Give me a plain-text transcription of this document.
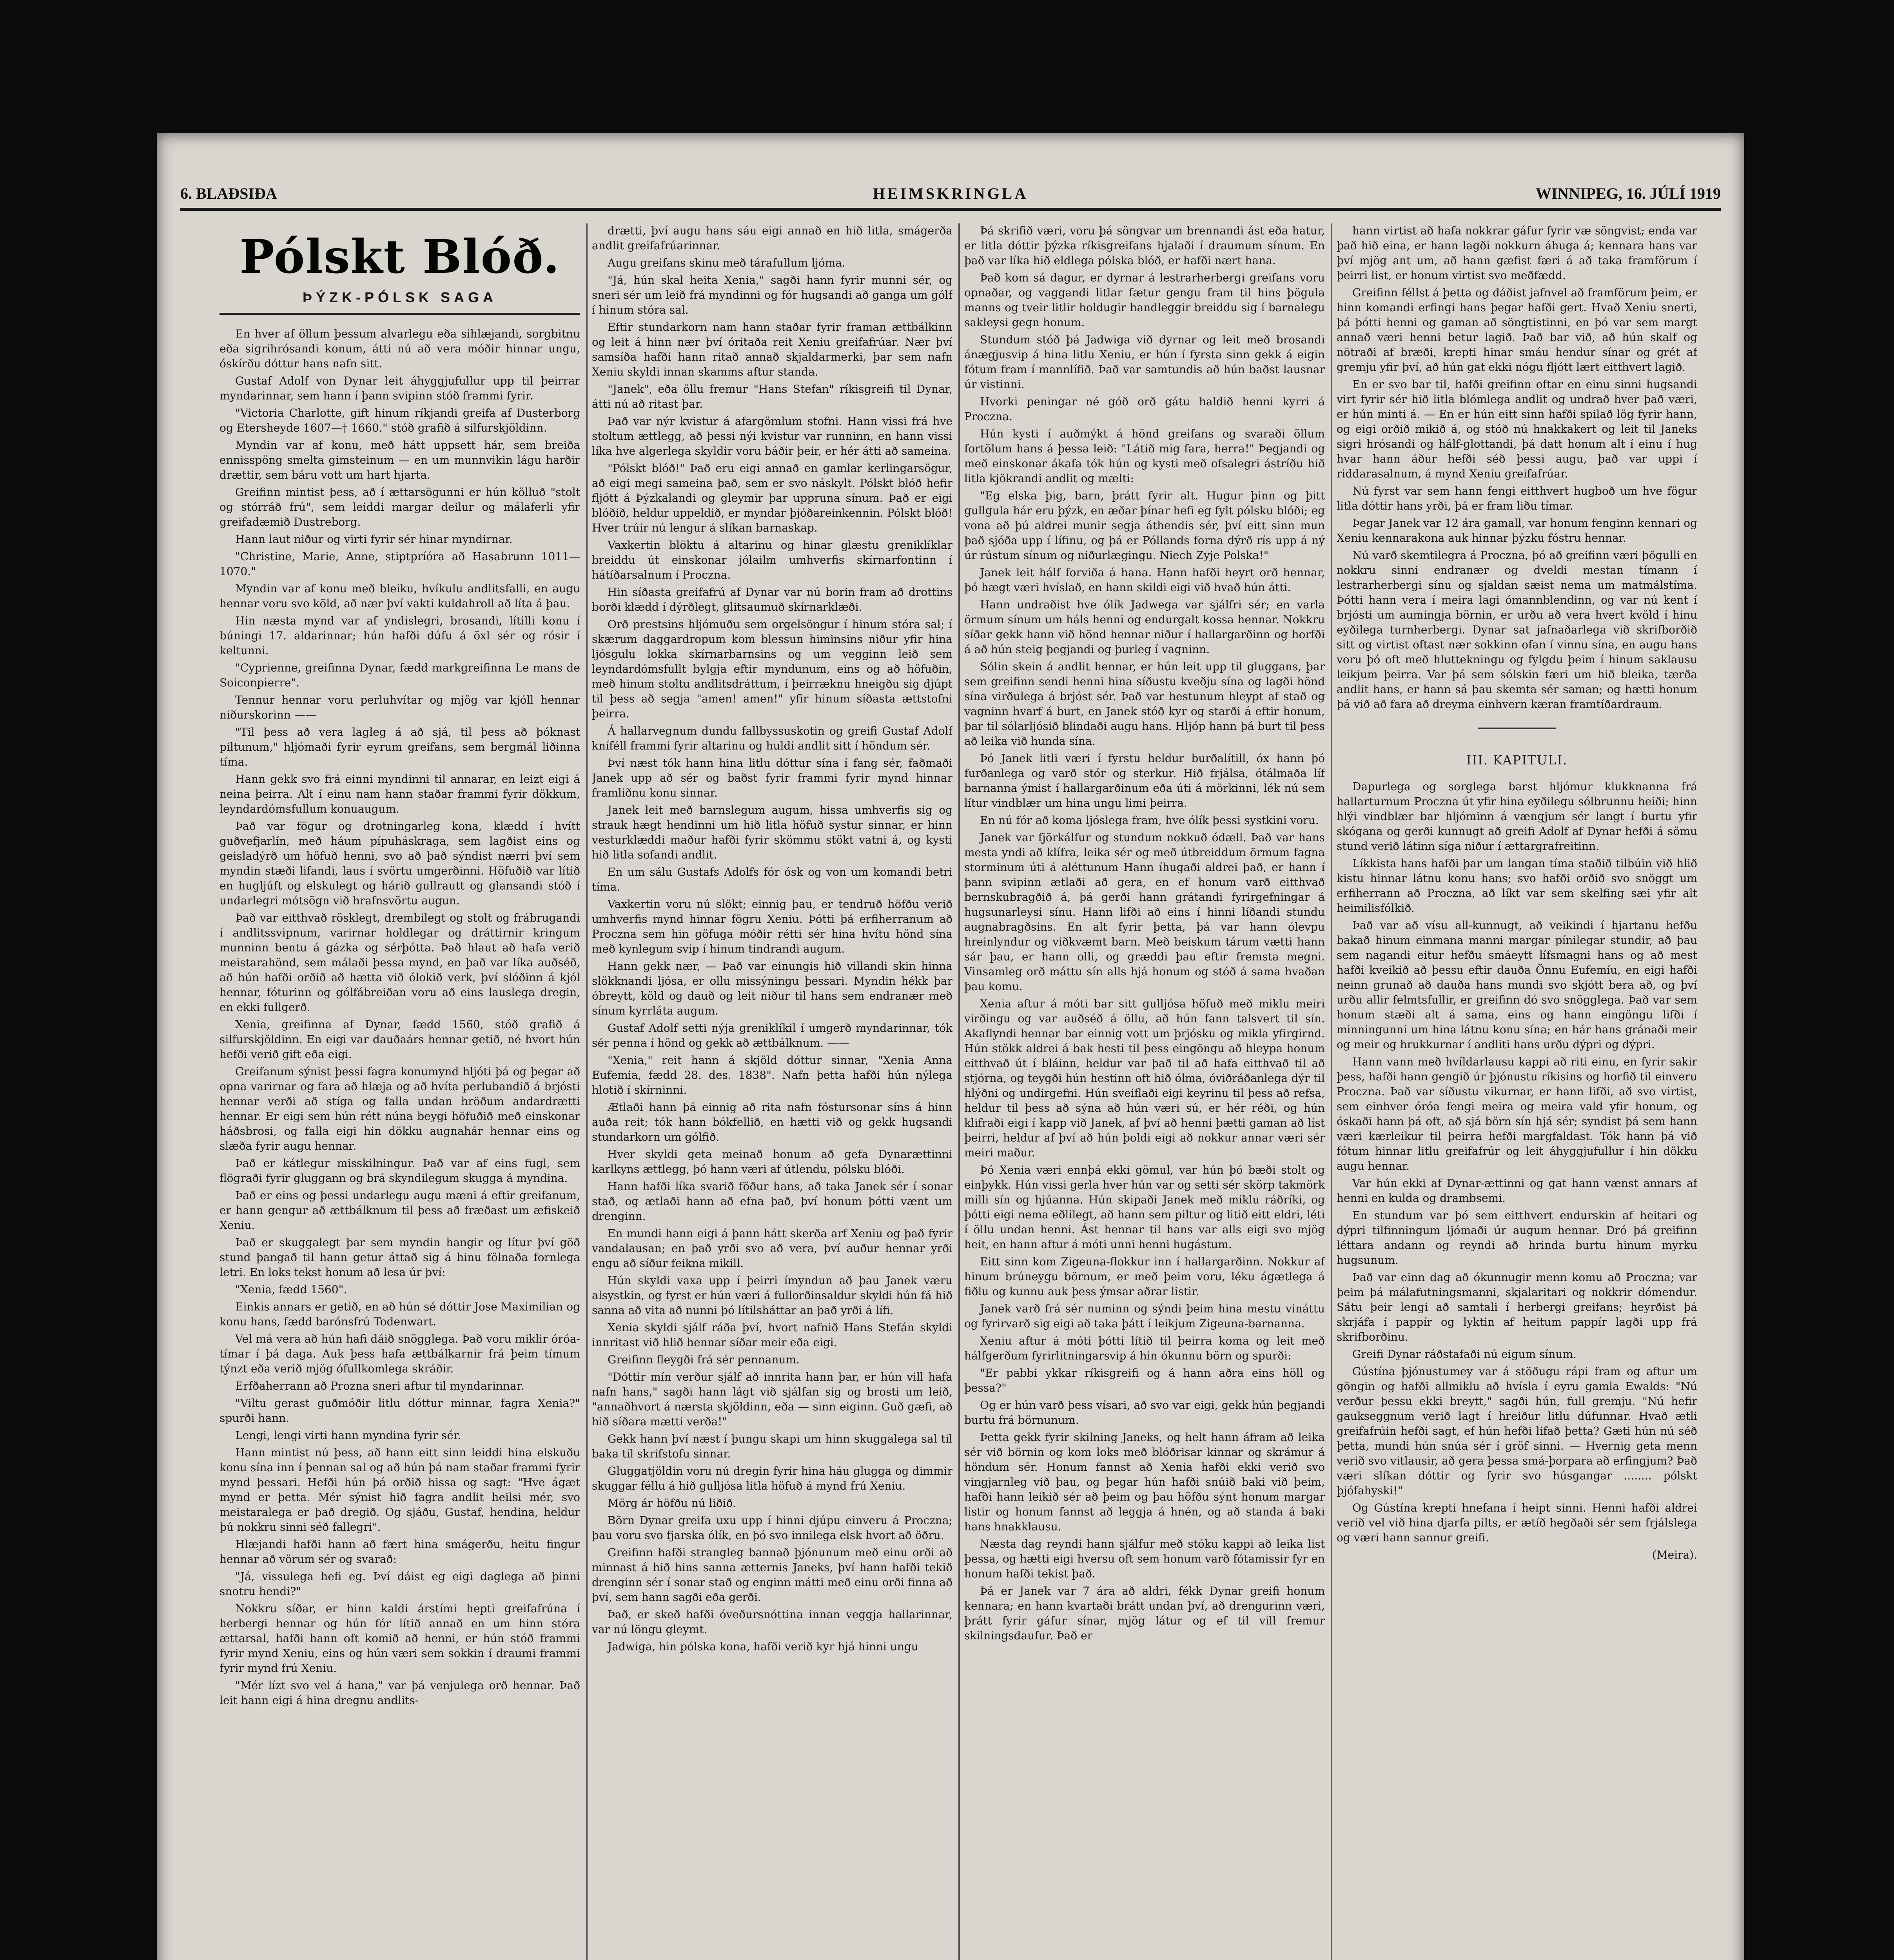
6. BLAÐSIÐA	HEIMSKRINGLA	WINNIPEG, 16. JÚLÍ 1919
Pólskt Blóð.
ÞÝZK-PÓLSK SAGA

En hver af öllum þessum alvarlegu eða sihlæjandi, sorgbitnu eða sigrihrósandi konum, átti nú að vera móðir hinnar ungu, óskírðu dóttur hans nafn sitt.

Gustaf Adolf von Dynar leit áhyggjufullur upp til þeirrar myndarinnar, sem hann í þann svipinn stóð frammi fyrir.

"Victoria Charlotte, gift hinum ríkjandi greifa af Dusterborg og Etersheyde 1607—† 1660." stóð grafið á silfurskjöldinn.

Myndin var af konu, með hátt uppsett hár, sem breiða ennisspöng smelta gimsteinum — en um munnvikin lágu harðir drættir, sem báru vott um hart hjarta.

Greifinn mintist þess, að í ættarsögunni er hún kölluð "stolt og stórráð frú", sem leiddi margar deilur og málaferli yfir greifadæmið Dustreborg.

Hann laut niður og virti fyrir sér hinar myndirnar.

"Christine, Marie, Anne, stiptpríóra að Hasabrunn 1011—1070."

Myndin var af konu með bleiku, hvíkulu andlitsfalli, en augu hennar voru svo köld, að nær því vakti kuldahroll að líta á þau.

Hin næsta mynd var af yndislegri, brosandi, lítilli konu í búningi 17. aldarinnar; hún hafði dúfu á öxl sér og rósir í keltunni.

"Cyprienne, greifinna Dynar, fædd markgreifinna Le mans de Soiconpierre".

Tennur hennar voru perluhvítar og mjög var kjóll hennar niðurskorinn ——

"Til þess að vera lagleg á að sjá, til þess að þóknast piltunum," hljómaði fyrir eyrum greifans, sem bergmál liðinna tíma.

Hann gekk svo frá einni myndinni til annarar, en leizt eigi á neina þeirra. Alt í einu nam hann staðar frammi fyrir dökkum, leyndardómsfullum konuaugum.

Það var fögur og drotningarleg kona, klædd í hvítt guðvefjarlín, með háum pípuháskraga, sem lagðist eins og geisladýrð um höfuð henni, svo að það sýndist nærri því sem myndin stæði lifandi, laus í svörtu umgerðinni. Höfuðið var lítið en hugljúft og elskulegt og hárið gullrautt og glansandi stóð í undarlegri mótsögn við hrafnsvörtu augun.

Það var eitthvað rösklegt, drembilegt og stolt og frábrugandi í andlitssvipnum, varirnar holdlegar og dráttirnir kringum munninn bentu á gázka og sérþótta. Það hlaut að hafa verið meistarahönd, sem málaði þessa mynd, en það var líka auðséð, að hún hafði orðið að hætta við ólokið verk, því slóðinn á kjól hennar, fóturinn og gólfábreiðan voru að eins lauslega dregin, en ekki fullgerð.

Xenia, greifinna af Dynar, fædd 1560, stóð grafið á silfurskjöldinn. En eigi var dauðaárs hennar getið, né hvort hún hefði verið gift eða eigi.

Greifanum sýnist þessi fagra konumynd hljóti þá og þegar að opna varirnar og fara að hlæja og að hvíta perlubandið á brjósti hennar verði að stíga og falla undan hröðum andardrætti hennar. Er eigi sem hún rétt núna beygi höfuðið með einskonar háðsbrosi, og falla eigi hin dökku augnahár hennar eins og slæða fyrir augu hennar.

Það er kátlegur misskilningur. Það var af eins fugl, sem flögraði fyrir gluggann og brá skyndilegum skugga á myndina.

Það er eins og þessi undarlegu augu mæni á eftir greifanum, er hann gengur að ættbálknum til þess að fræðast um æfiskeið Xeniu.

Það er skuggalegt þar sem myndin hangir og lítur því göð stund þangað til hann getur áttað sig á hinu fölnaða fornlega letri. En loks tekst honum að lesa úr því:

"Xenia, fædd 1560".

Einkis annars er getið, en að hún sé dóttir Jose Maximilian og konu hans, fædd barónsfrú Todenwart.

Vel má vera að hún hafi dáið snögglega. Það voru miklir óróa-tímar í þá daga. Auk þess hafa ættbálkarnir frá þeim tímum týnzt eða verið mjög ófullkomlega skráðir.

Erfðaherrann að Prozna sneri aftur til myndarinnar.

"Viltu gerast guðmóðir litlu dóttur minnar, fagra Xenia?" spurði hann.

Lengi, lengi virti hann myndina fyrir sér.

Hann mintist nú þess, að hann eitt sinn leiddi hina elskuðu konu sína inn í þennan sal og að hún þá nam staðar frammi fyrir mynd þessari. Hefði hún þá orðið hissa og sagt: "Hve ágæt mynd er þetta. Mér sýnist hið fagra andlit heilsi mér, svo meistaralega er það dregið. Og sjáðu, Gustaf, hendina, heldur þú nokkru sinni séð fallegri".

Hlæjandi hafði hann að fært hina smágerðu, heitu fingur hennar að vörum sér og svarað:

"Já, vissulega hefi eg. Því dáist eg eigi daglega að þinni snotru hendi?"

Nokkru síðar, er hinn kaldi árstími hepti greifafrúna í herbergi hennar og hún fór lítið annað en um hinn stóra ættarsal, hafði hann oft komið að henni, er hún stóð frammi fyrir mynd Xeniu, eins og hún væri sem sokkin í draumi frammi fyrir mynd frú Xeniu.

"Mér lízt svo vel á hana," var þá venjulega orð hennar. Það leit hann eigi á hina dregnu andlits-

drætti, því augu hans sáu eigi annað en hið litla, smágerða andlit greifafrúarinnar.

Augu greifans skinu með tárafullum ljóma.

"Já, hún skal heita Xenia," sagði hann fyrir munni sér, og sneri sér um leið frá myndinni og fór hugsandi að ganga um gólf í hinum stóra sal.

Eftir stundarkorn nam hann staðar fyrir framan ættbálkinn og leit á hinn nær því óritaða reit Xeniu greifafrúar. Nær því samsíða hafði hann ritað annað skjaldarmerki, þar sem nafn Xeniu skyldi innan skamms aftur standa.

"Janek", eða öllu fremur "Hans Stefan" ríkisgreifi til Dynar, átti nú að ritast þar.

Það var nýr kvistur á afargömlum stofni. Hann vissi frá hve stoltum ættlegg, að þessi nýi kvistur var runninn, en hann vissi líka hve algerlega skyldir voru báðir þeir, er hér átti að sameina.

"Pólskt blóð!" Það eru eigi annað en gamlar kerlingarsögur, að eigi megi sameina það, sem er svo náskylt. Pólskt blóð hefir fljótt á Þýzkalandi og gleymir þar uppruna sínum. Það er eigi blóðið, heldur uppeldið, er myndar þjóðareinkennin. Pólskt blóð! Hver trúir nú lengur á slíkan barnaskap.

Vaxkertin blöktu á altarinu og hinar glæstu greniklíklar breiddu út einskonar jólailm umhverfis skírnarfontinn í hátíðarsalnum í Proczna.

Hin síðasta greifafrú af Dynar var nú borin fram að drottins borði klædd í dýrðlegt, glitsaumuð skírnarklæði.

Orð prestsins hljómuðu sem orgelsöngur í hinum stóra sal; í skærum daggardropum kom blessun himinsins niður yfir hina ljósgulu lokka skírnarbarnsins og um vegginn leið sem leyndardómsfullt bylgja eftir myndunum, eins og að höfuðin, með hinum stoltu andlitsdráttum, í þeirræknu hneigðu sig djúpt til þess að segja "amen! amen!" yfir hinum síðasta ættstofni þeirra.

Á hallarvegnum dundu fallbyssuskotin og greifi Gustaf Adolf kníféll frammi fyrir altarinu og huldi andlit sitt í höndum sér.

Því næst tók hann hina litlu dóttur sína í fang sér, faðmaði Janek upp að sér og baðst fyrir frammi fyrir mynd hinnar framliðnu konu sinnar.

Janek leit með barnslegum augum, hissa umhverfis sig og strauk hægt hendinni um hið litla höfuð systur sinnar, er hinn vesturklæddi maður hafði fyrir skömmu stökt vatni á, og kysti hið litla sofandi andlit.

En um sálu Gustafs Adolfs fór ósk og von um komandi betri tíma.

Vaxkertin voru nú slökt; einnig þau, er tendruð höfðu verið umhverfis mynd hinnar fögru Xeniu. Þótti þá erfiherranum að Proczna sem hin göfuga móðir rétti sér hina hvítu hönd sína með kynlegum svip í hinum tindrandi augum.

Hann gekk nær, — Það var einungis hið villandi skin hinna slökknandi ljósa, er ollu missýningu þessari. Myndin hékk þar óbreytt, köld og dauð og leit niður til hans sem endranær með sínum kyrrláta augum.

Gustaf Adolf setti nýja greniklíkil í umgerð myndarinnar, tók sér penna í hönd og gekk að ættbálknum. ——

"Xenia," reit hann á skjöld dóttur sinnar, "Xenia Anna Eufemia, fædd 28. des. 1838". Nafn þetta hafði hún nýlega hlotið í skírninni.

Ætlaði hann þá einnig að rita nafn fóstursonar síns á hinn auða reit; tók hann bókfellið, en hætti við og gekk hugsandi stundarkorn um gólfið.

Hver skyldi geta meinað honum að gefa Dynarættinni karlkyns ættlegg, þó hann væri af útlendu, pólsku blóði.

Hann hafði líka svarið föður hans, að taka Janek sér í sonar stað, og ætlaði hann að efna það, því honum þótti vænt um drenginn.

En mundi hann eigi á þann hátt skerða arf Xeniu og það fyrir vandalausan; en það yrði svo að vera, því auður hennar yrði engu að síður feikna mikill.

Hún skyldi vaxa upp í þeirri ímyndun að þau Janek væru alsystkin, og fyrst er hún væri á fullorðinsaldur skyldi hún fá hið sanna að vita að nunni þó lítilsháttar an það yrði á lífi.

Xenia skyldi sjálf ráða því, hvort nafnið Hans Stefán skyldi innritast við hlið hennar síðar meir eða eigi.

Greifinn fleygði frá sér pennanum.

"Dóttir mín verður sjálf að innrita hann þar, er hún vill hafa nafn hans," sagði hann lágt við sjálfan sig og brosti um leið, "annaðhvort á nærsta skjöldinn, eða — sinn eiginn. Guð gæfi, að hið síðara mætti verða!"

Gekk hann því næst í þungu skapi um hinn skuggalega sal til baka til skrifstofu sinnar.

Gluggatjöldin voru nú dregin fyrir hina háu glugga og dimmir skuggar féllu á hið gulljósa litla höfuð á mynd frú Xeniu.

Mörg ár höfðu nú liðið.

Börn Dynar greifa uxu upp í hinni djúpu einveru á Proczna; þau voru svo fjarska ólík, en þó svo innilega elsk hvort að öðru.

Greifinn hafði strangleg bannað þjónunum með einu orði að minnast á hið hins sanna ætternis Janeks, því hann hafði tekið drenginn sér í sonar stað og enginn mátti með einu orði finna að því, sem hann sagði eða gerði.

Það, er skeð hafði óveðursnóttina innan veggja hallarinnar, var nú löngu gleymt.

Jadwiga, hin pólska kona, hafði verið kyr hjá hinni ungu

Þá skrifið væri, voru þá söngvar um brennandi ást eða hatur, er litla dóttir þýzka ríkisgreifans hjalaði í draumum sínum. En það var líka hið eldlega pólska blóð, er hafði nært hana.

Það kom sá dagur, er dyrnar á lestrarherbergi greifans voru opnaðar, og vaggandi litlar fætur gengu fram til hins þögula manns og tveir litlir holdugir handleggir breiddu sig í barnalegu sakleysi gegn honum.

Stundum stóð þá Jadwiga við dyrnar og leit með brosandi ánægjusvip á hina litlu Xeniu, er hún í fyrsta sinn gekk á eigin fótum fram í mannlífið. Það var samtundis að hún baðst lausnar úr vistinni.

Hvorki peningar né góð orð gátu haldið henni kyrri á Proczna.

Hún kysti í auðmýkt á hönd greifans og svaraði öllum fortölum hans á þessa leið: "Látið mig fara, herra!" Þegjandi og með einskonar ákafa tók hún og kysti með ofsalegri ástríðu hið litla kjökrandi andlit og mælti:

"Eg elska þig, barn, þrátt fyrir alt. Hugur þinn og þitt gullgula hár eru þýzk, en æðar þínar hefi eg fylt pólsku blóði; eg vona að þú aldrei munir segja áthendis sér, því eitt sinn mun það sjóða upp í lífinu, og þá er Póllands forna dýrð rís upp á ný úr rústum sínum og niðurlægingu. Niech Zyje Polska!"

Janek leit hálf forviða á hana. Hann hafði heyrt orð hennar, þó hægt væri hvíslað, en hann skildi eigi við hvað hún átti.

Hann undraðist hve ólík Jadwega var sjálfri sér; en varla örmum sínum um háls henni og endurgalt kossa hennar. Nokkru síðar gekk hann við hönd hennar niður í hallargarðinn og horfði á að hún steig þegjandi og þurleg í vagninn.

Sólin skein á andlit hennar, er hún leit upp til gluggans, þar sem greifinn sendi henni hina síðustu kveðju sína og lagði hönd sína virðulega á brjóst sér. Það var hestunum hleypt af stað og vagninn hvarf á burt, en Janek stóð kyr og starði á eftir honum, þar til sólarljósið blindaði augu hans. Hljóp hann þá burt til þess að leika við hunda sína.

Þó Janek litli væri í fyrstu heldur burðalítill, óx hann þó furðanlega og varð stór og sterkur. Hið frjálsa, ótálmaða líf barnanna ýmist í hallargarðinum eða úti á mörkinni, lék nú sem lítur vindblær um hina ungu limi þeirra.

En nú fór að koma ljóslega fram, hve ólík þessi systkini voru.

Janek var fjörkálfur og stundum nokkuð ódæll. Það var hans mesta yndi að klífra, leika sér og með útbreiddum örmum fagna storminum úti á aléttunum Hann íhugaði aldrei það, er hann í þann svipinn ætlaði að gera, en ef honum varð eitthvað bernskubragðið á, þá gerði hann grátandi fyrirgefningar á hugsunarleysi sínu. Hann lifði að eins í hinni líðandi stundu augnabragðsins. En alt fyrir þetta, þá var hann ólevpu hreinlyndur og viðkvæmt barn. Með beiskum tárum vætti hann sár þau, er hann olli, og græddi þau eftir fremsta megni. Vinsamleg orð máttu sín alls hjá honum og stóð á sama hvaðan þau komu.

Xenia aftur á móti bar sitt gulljósa höfuð með miklu meiri virðingu og var auðséð á öllu, að hún fann talsvert til sín. Akaflyndi hennar bar einnig vott um þrjósku og mikla yfirgirnd. Hún stökk aldrei á bak hesti til þess eingöngu að hleypa honum eitthvað út í bláinn, heldur var það til að hafa eitthvað til að stjórna, og teygði hún hestinn oft hið ólma, óviðráðanlega dýr til hlýðni og undirgefni. Hún sveiflaði eigi keyrinu til þess að refsa, heldur til þess að sýna að hún væri sú, er hér réði, og hún klifraði eigi í kapp við Janek, af því að henni þætti gaman að líst þeirri, heldur af því að hún þoldi eigi að nokkur annar væri sér meiri maður.

Þó Xenia væri ennþá ekki gömul, var hún þó bæði stolt og einþykk. Hún vissi gerla hver hún var og setti sér skörp takmörk milli sín og hjúanna. Hún skipaði Janek með miklu ráðríki, og þótti eigi nema eðlilegt, að hann sem piltur og litið eitt eldri, léti í öllu undan henni. Ást hennar til hans var alls eigi svo mjög heit, en hann aftur á móti unni henni hugástum.

Eitt sinn kom Zigeuna-flokkur inn í hallargarðinn. Nokkur af hinum brúneygu börnum, er með þeim voru, léku ágætlega á fiðlu og kunnu auk þess ýmsar aðrar listir.

Janek varð frá sér numinn og sýndi þeim hina mestu vináttu og fyrirvarð sig eigi að taka þátt í leikjum Zigeuna-barnanna.

Xeniu aftur á móti þótti lítið til þeirra koma og leit með hálfgerðum fyrirlitningarsvip á hin ókunnu börn og spurði:

"Er pabbi ykkar ríkisgreifi og á hann aðra eins höll og þessa?"

Og er hún varð þess vísari, að svo var eigi, gekk hún þegjandi burtu frá börnunum.

Þetta gekk fyrir skilning Janeks, og helt hann áfram að leika sér við börnin og kom loks með blóðrisar kinnar og skrámur á höndum sér. Honum fannst að Xenia hafði ekki verið svo vingjarnleg við þau, og þegar hún hafði snúið baki við þeim, hafði hann leikið sér að þeim og þau höfðu sýnt honum margar listir og honum fannst að leggja á hnén, og að standa á baki hans hnakklausu.

Næsta dag reyndi hann sjálfur með stóku kappi að leika list þessa, og hætti eigi hversu oft sem honum varð fótamissir fyr en honum hafði tekist það.

Þá er Janek var 7 ára að aldri, fékk Dynar greifi honum kennara; en hann kvartaði brátt undan því, að drengurinn væri, þrátt fyrir gáfur sínar, mjög látur og ef til vill fremur skilningsdaufur. Það er

hann virtist að hafa nokkrar gáfur fyrir væ söngvist; enda var það hið eina, er hann lagði nokkurn áhuga á; kennara hans var því mjög ant um, að hann gæfist færi á að taka framförum í þeirri list, er honum virtist svo meðfædd.

Greifinn féllst á þetta og dáðist jafnvel að framförum þeim, er hinn komandi erfingi hans þegar hafði gert. Hvað Xeniu snerti, þá þótti henni og gaman að söngtistinni, en þó var sem margt annað væri henni betur lagið. Það bar við, að hún skalf og nötraði af bræði, krepti hinar smáu hendur sínar og grét af gremju yfir því, að hún gat ekki nógu fljótt lært eitthvert lagið.

En er svo bar til, hafði greifinn oftar en einu sinni hugsandi virt fyrir sér hið litla blómlega andlit og undrað hver það væri, er hún minti á. — En er hún eitt sinn hafði spilað lög fyrir hann, og eigi orðið mikið á, og stóð nú hnakkakert og leit til Janeks sigri hrósandi og hálf-glottandi, þá datt honum alt í einu í hug hvar hann áður hefði séð þessi augu, það var uppi í riddarasalnum, á mynd Xeniu greifafrúar.

Nú fyrst var sem hann fengi eitthvert hugboð um hve fögur litla dóttir hans yrði, þá er fram liðu tímar.

Þegar Janek var 12 ára gamall, var honum fenginn kennari og Xeniu kennarakona auk hinnar þýzku fóstru hennar.

Nú varð skemtilegra á Proczna, þó að greifinn væri þögulli en nokkru sinni endranær og dveldi mestan tímann í lestrarherbergi sínu og sjaldan sæist nema um matmálstíma. Þótti hann vera í meira lagi ómannblendinn, og var nú kent í brjósti um aumingja börnin, er urðu að vera hvert kvöld í hinu eyðilega turnherbergi. Dynar sat jafnaðarlega við skrifborðið sitt og virtist oftast nær sokkinn ofan í vinnu sína, en augu hans voru þó oft með hluttekningu og fylgdu þeim í hinum saklausu leikjum þeirra. Var þá sem sólskin færi um hið bleika, tærða andlit hans, er hann sá þau skemta sér saman; og hætti honum þá við að fara að dreyma einhvern kæran framtíðardraum.

III. KAPITULI.

Dapurlega og sorglega barst hljómur klukknanna frá hallarturnum Proczna út yfir hina eyðilegu sólbrunnu heiði; hinn hlýi vindblær bar hljóminn á vængjum sér langt í burtu yfir skógana og gerði kunnugt að greifi Adolf af Dynar hefði á sömu stund verið látinn síga niður í ættargrafreitinn.

Líkkista hans hafði þar um langan tíma staðið tilbúin við hlið kistu hinnar látnu konu hans; svo hafði orðið svo snöggt um erfiherrann að Proczna, að líkt var sem skelfing sæi yfir alt heimilisfólkið.

Það var að vísu all-kunnugt, að veikindi í hjartanu hefðu bakað hinum einmana manni margar pínilegar stundir, að þau sem nagandi eitur hefðu smáeytt lífsmagni hans og að mest hafði kveikið að þessu eftir dauða Önnu Eufemíu, en eigi hafði neinn grunað að dauða hans mundi svo skjótt bera að, og því urðu allir felmtsfullir, er greifinn dó svo snögglega. Það var sem honum stæði alt á sama, eins og hann eingöngu lifði í minningunni um hina látnu konu sína; en hár hans gránaði meir og meir og hrukkurnar í andliti hans urðu dýpri og dýpri.

Hann vann með hvíldarlausu kappi að riti einu, en fyrir sakir þess, hafði hann gengið úr þjónustu ríkisins og horfið til einveru Proczna. Það var síðustu vikurnar, er hann lifði, að svo virtist, sem einhver óróa fengi meira og meira vald yfir honum, og óskaði hann þá oft, að sjá börn sín hjá sér; syndist þá sem hann væri kærleikur til þeirra hefði margfaldast. Tók hann þá við fótum hinnar litlu greifafrúr og leit áhyggjufullur í hin dökku augu hennar.

Var hún ekki af Dynar-ættinni og gat hann vænst annars af henni en kulda og drambsemi.

En stundum var þó sem eitthvert endurskin af heitari og dýpri tilfinningum ljómaði úr augum hennar. Dró þá greifinn léttara andann og reyndi að hrinda burtu hinum myrku hugsunum.

Það var einn dag að ókunnugir menn komu að Proczna; var þeim þá málafutningsmanni, skjalaritari og nokkrir dómendur. Sátu þeir lengi að samtali í herbergi greifans; heyrðist þá skrjáfa í pappír og lyktin af heitum pappír lagði upp frá skrifborðinu.

Greifi Dynar ráðstafaði nú eigum sínum.

Gústína þjónustumey var á stöðugu rápi fram og aftur um göngin og hafði allmiklu að hvísla í eyru gamla Ewalds: "Nú verður þessu ekki breytt," sagði hún, full gremju. "Nú hefir gaukseggnum verið lagt í hreiður litlu dúfunnar. Hvað ætli greifafrúin hefði sagt, ef hún hefði lifað þetta? Gæti hún nú séð þetta, mundi hún snúa sér í gröf sinni. — Hvernig geta menn verið svo vitlausir, að gera þessa smá-þorpara að erfingjum? Það væri slíkan dóttir og fyrir svo húsgangar ........ pólskt þjófahyski!"

Og Gústína krepti hnefana í heipt sinni. Henni hafði aldrei verið vel við hina djarfa pilts, er ætíð hegðaði sér sem frjálslega og væri hann sannur greifi.

(Meira).
